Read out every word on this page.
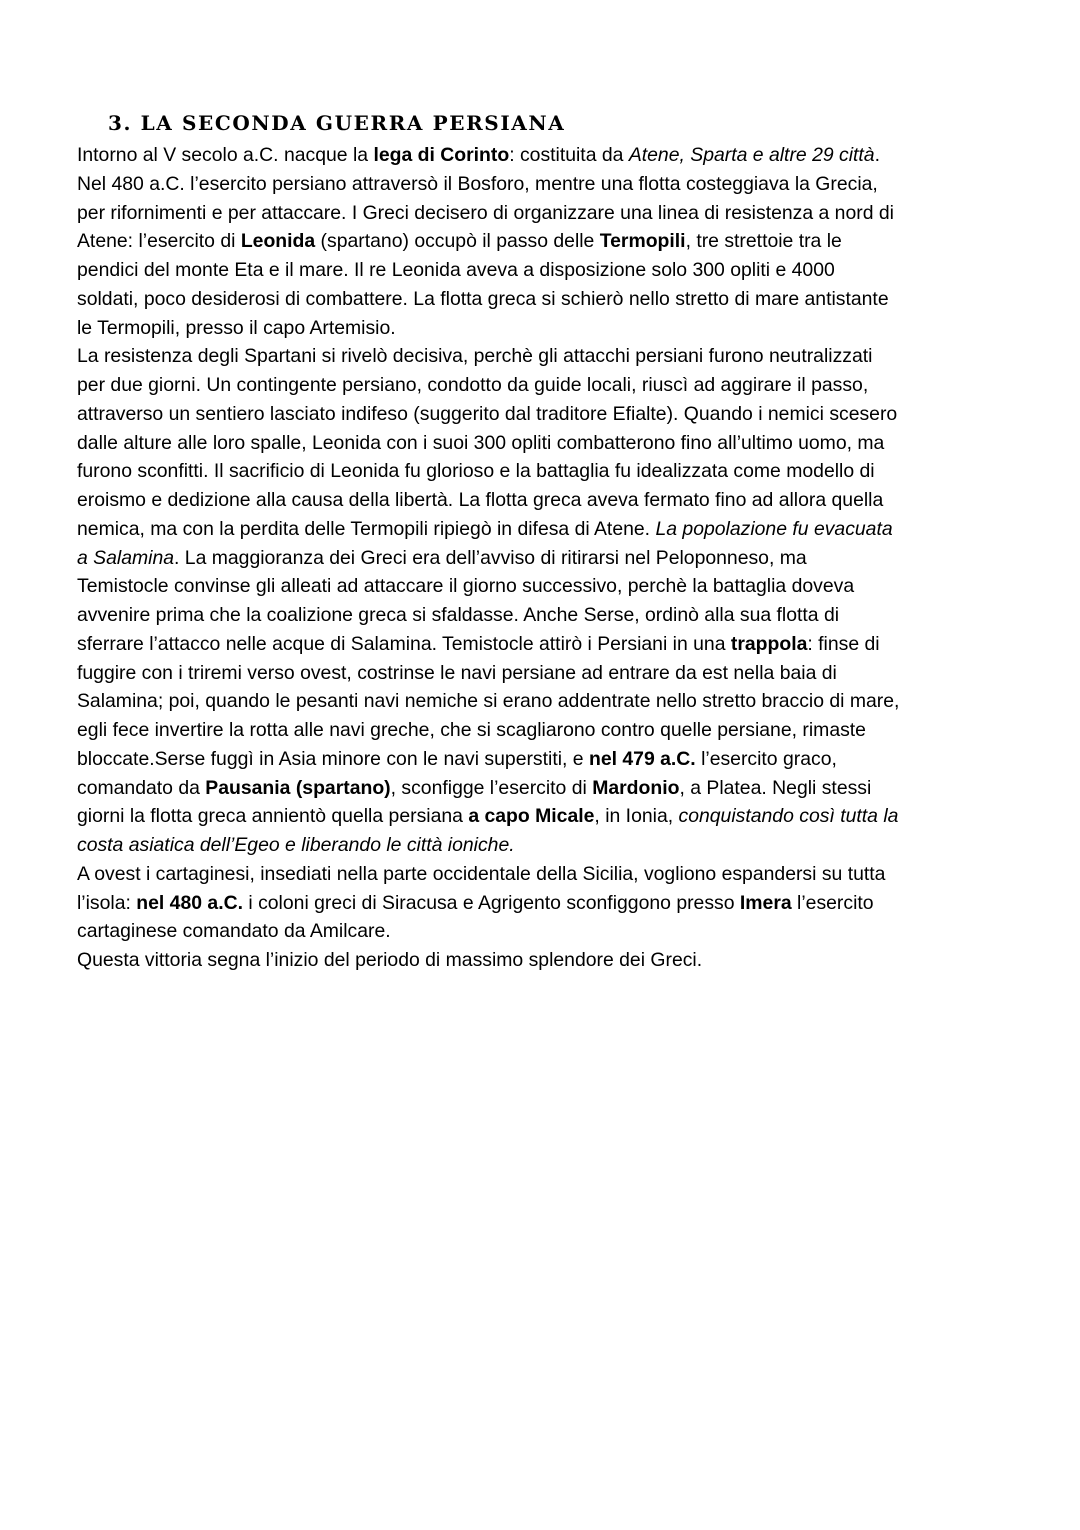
3. LA SECONDA GUERRA PERSIANA

Intorno al V secolo a.C. nacque la lega di Corinto: costituita da Atene, Sparta e altre 29 città.
Nel 480 a.C. l’esercito persiano attraversò il Bosforo, mentre una flotta costeggiava la Grecia,
per rifornimenti e per attaccare. I Greci decisero di organizzare una linea di resistenza a nord di
Atene: l’esercito di Leonida (spartano) occupò il passo delle Termopili, tre strettoie tra le
pendici del monte Eta e il mare. Il re Leonida aveva a disposizione solo 300 opliti e 4000
soldati, poco desiderosi di combattere. La flotta greca si schierò nello stretto di mare antistante
le Termopili, presso il capo Artemisio.

La resistenza degli Spartani si rivelò decisiva, perchè gli attacchi persiani furono neutralizzati
per due giorni. Un contingente persiano, condotto da guide locali, riuscì ad aggirare il passo,
attraverso un sentiero lasciato indifeso (suggerito dal traditore Efialte). Quando i nemici scesero
dalle alture alle loro spalle, Leonida con i suoi 300 opliti combatterono fino all’ultimo uomo, ma
furono sconfitti. Il sacrificio di Leonida fu glorioso e la battaglia fu idealizzata come modello di
eroismo e dedizione alla causa della libertà. La flotta greca aveva fermato fino ad allora quella
nemica, ma con la perdita delle Termopili ripiegò in difesa di Atene. La popolazione fu evacuata
a Salamina. La maggioranza dei Greci era dell’avviso di ritirarsi nel Peloponneso, ma
Temistocle convinse gli alleati ad attaccare il giorno successivo, perchè la battaglia doveva
avvenire prima che la coalizione greca si sfaldasse. Anche Serse, ordinò alla sua flotta di
sferrare l’attacco nelle acque di Salamina. Temistocle attirò i Persiani in una trappola: finse di
fuggire con i triremi verso ovest, costrinse le navi persiane ad entrare da est nella baia di
Salamina; poi, quando le pesanti navi nemiche si erano addentrate nello stretto braccio di mare,
egli fece invertire la rotta alle navi greche, che si scagliarono contro quelle persiane, rimaste
bloccate.Serse fuggì in Asia minore con le navi superstiti, e nel 479 a.C. l’esercito graco,
comandato da Pausania (spartano), sconfigge l’esercito di Mardonio, a Platea. Negli stessi
giorni la flotta greca annientò quella persiana a capo Micale, in Ionia, conquistando così tutta la
costa asiatica dell’Egeo e liberando le città ioniche.

A ovest i cartaginesi, insediati nella parte occidentale della Sicilia, vogliono espandersi su tutta
l’isola: nel 480 a.C. i coloni greci di Siracusa e Agrigento sconfiggono presso Imera l’esercito
cartaginese comandato da Amilcare.

Questa vittoria segna l’inizio del periodo di massimo splendore dei Greci.
